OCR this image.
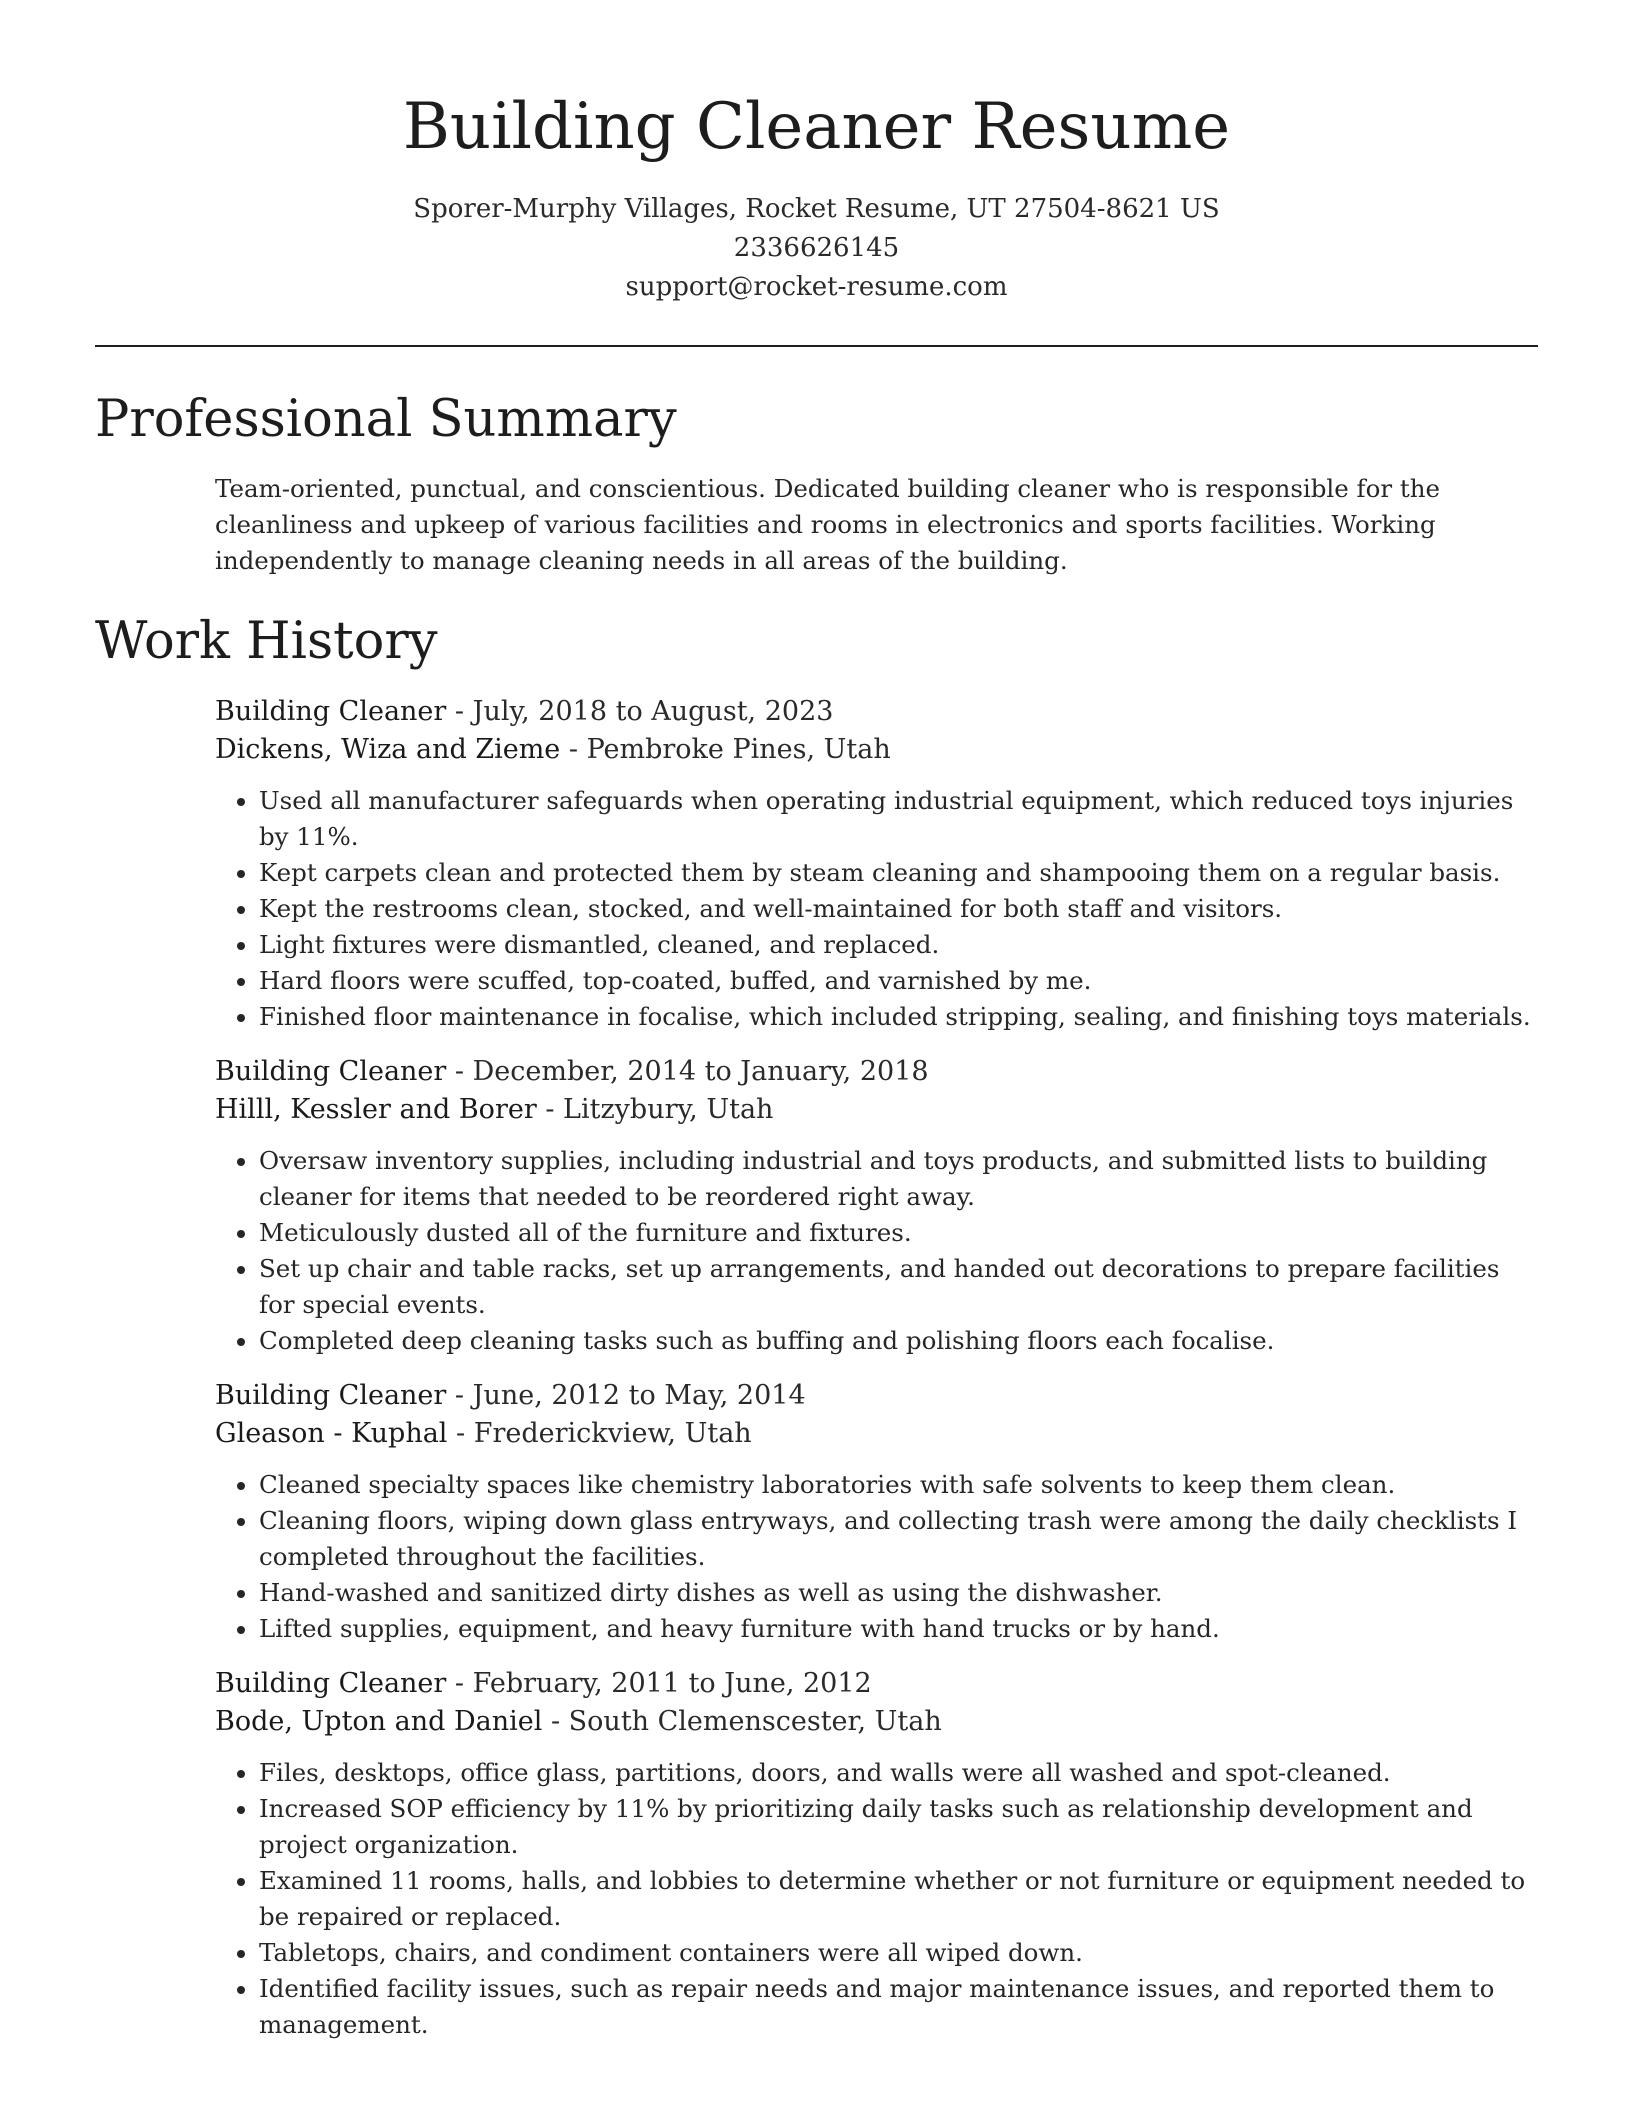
Building Cleaner Resume

Sporer-Murphy Villages, Rocket Resume, UT 27504-8621 US

2336626145

support@rocket-resume.com

Professional Summary

Team-oriented, punctual, and conscientious. Dedicated building cleaner who is responsible for the cleanliness and upkeep of various facilities and rooms in electronics and sports facilities. Working independently to manage cleaning needs in all areas of the building.

Work History

Building Cleaner - July, 2018 to August, 2023

Dickens, Wiza and Zieme - Pembroke Pines, Utah

• Used all manufacturer safeguards when operating industrial equipment, which reduced toys injuries by 11%.
• Kept carpets clean and protected them by steam cleaning and shampooing them on a regular basis.
• Kept the restrooms clean, stocked, and well-maintained for both staff and visitors.
• Light fixtures were dismantled, cleaned, and replaced.
• Hard floors were scuffed, top-coated, buffed, and varnished by me.
• Finished floor maintenance in focalise, which included stripping, sealing, and finishing toys materials.

Building Cleaner - December, 2014 to January, 2018

Hilll, Kessler and Borer - Litzybury, Utah

• Oversaw inventory supplies, including industrial and toys products, and submitted lists to building cleaner for items that needed to be reordered right away.
• Meticulously dusted all of the furniture and fixtures.
• Set up chair and table racks, set up arrangements, and handed out decorations to prepare facilities for special events.
• Completed deep cleaning tasks such as buffing and polishing floors each focalise.

Building Cleaner - June, 2012 to May, 2014

Gleason - Kuphal - Frederickview, Utah

• Cleaned specialty spaces like chemistry laboratories with safe solvents to keep them clean.
• Cleaning floors, wiping down glass entryways, and collecting trash were among the daily checklists I completed throughout the facilities.
• Hand-washed and sanitized dirty dishes as well as using the dishwasher.
• Lifted supplies, equipment, and heavy furniture with hand trucks or by hand.

Building Cleaner - February, 2011 to June, 2012

Bode, Upton and Daniel - South Clemenscester, Utah

• Files, desktops, office glass, partitions, doors, and walls were all washed and spot-cleaned.
• Increased SOP efficiency by 11% by prioritizing daily tasks such as relationship development and project organization.
• Examined 11 rooms, halls, and lobbies to determine whether or not furniture or equipment needed to be repaired or replaced.
• Tabletops, chairs, and condiment containers were all wiped down.
• Identified facility issues, such as repair needs and major maintenance issues, and reported them to management.
